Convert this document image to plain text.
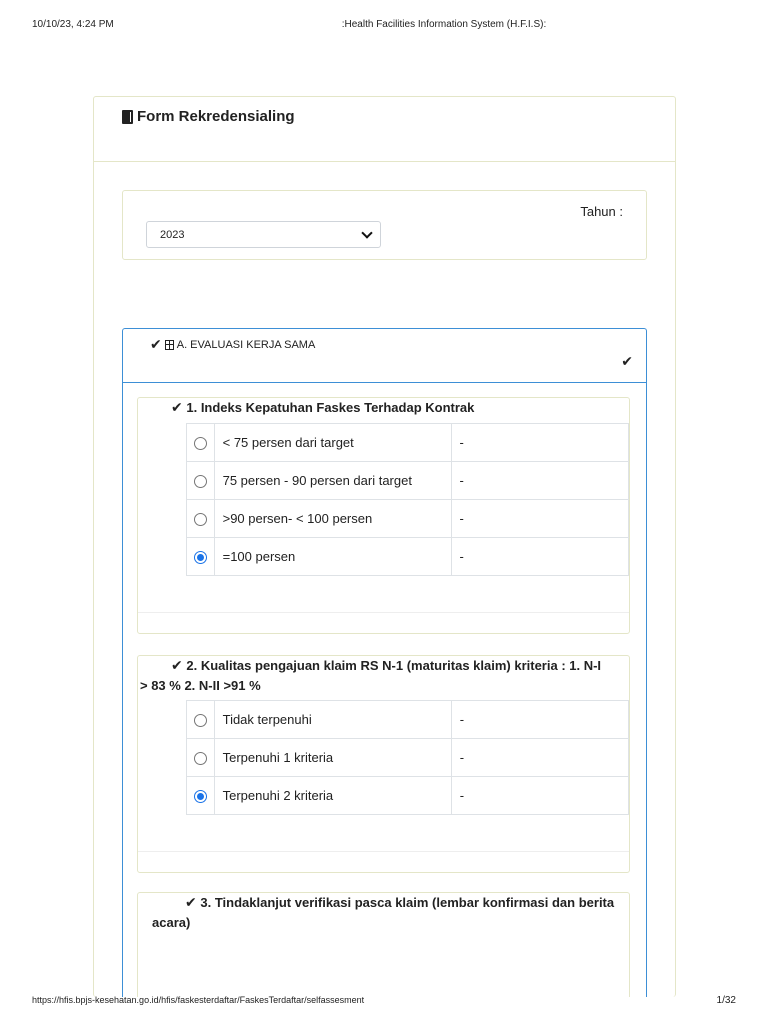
10/10/23, 4:24 PM	:Health Facilities Information System (H.F.I.S):
Form Rekredensialing
Tahun :
2023
✔ A. EVALUASI KERJA SAMA
✔
✔ 1. Indeks Kepatuhan Faskes Terhadap Kontrak
	< 75 persen dari target	-
	75 persen - 90 persen dari target	-
	>90 persen- < 100 persen	-
	=100 persen	-
✔ 2. Kualitas pengajuan klaim RS N-1 (maturitas klaim) kriteria : 1. N-I
> 83 % 2. N-II >91 %
	Tidak terpenuhi	-
	Terpenuhi 1 kriteria	-
	Terpenuhi 2 kriteria	-
✔ 3. Tindaklanjut verifikasi pasca klaim (lembar konfirmasi dan berita
acara)
https://hfis.bpjs-kesehatan.go.id/hfis/faskesterdaftar/FaskesTerdaftar/selfassesment	1/32
